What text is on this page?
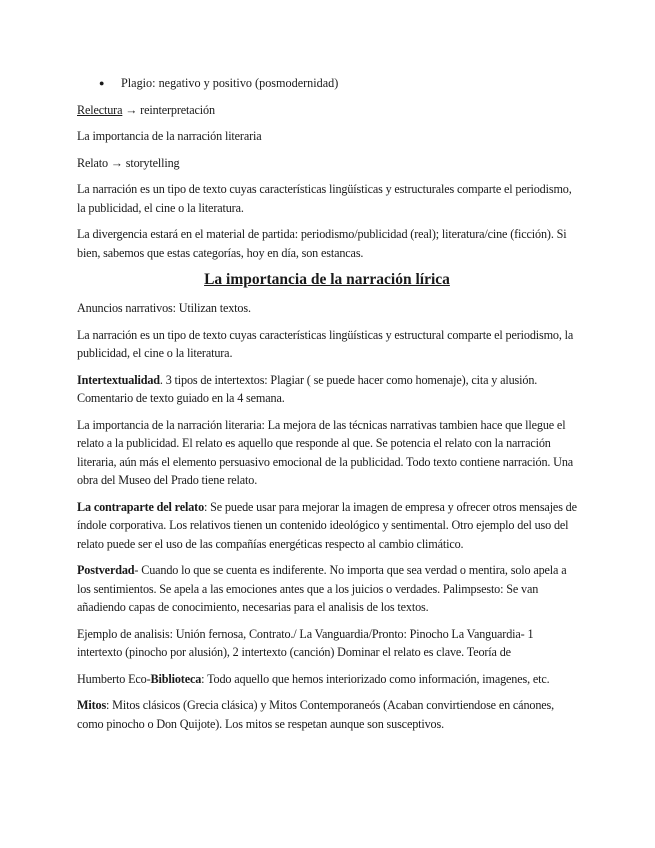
●	Plagio: negativo y positivo (posmodernidad)

Relectura → reinterpretación

La importancia de la narración literaria

Relato → storytelling

La narración es un tipo de texto cuyas características lingüísticas y estructurales comparte el periodismo, la publicidad, el cine o la literatura.

La divergencia estará en el material de partida: periodismo/publicidad (real); literatura/cine (ficción). Si bien, sabemos que estas categorías, hoy en día, son estancas.

La importancia de la narración lírica

Anuncios narrativos: Utilizan textos.

La narración es un tipo de texto cuyas características lingüísticas y estructural comparte el periodismo, la publicidad, el cine o la literatura.

Intertextualidad. 3 tipos de intertextos: Plagiar ( se puede hacer como homenaje), cita y alusión. Comentario de texto guiado en la 4 semana.

La importancia de la narración literaria: La mejora de las técnicas narrativas tambien hace que llegue el relato a la publicidad. El relato es aquello que responde al que. Se potencia el relato con la narración literaria, aún más el elemento persuasivo emocional de la publicidad. Todo texto contiene narración. Una obra del Museo del Prado tiene relato.

La contraparte del relato: Se puede usar para mejorar la imagen de empresa y ofrecer otros mensajes de índole corporativa. Los relativos tienen un contenido ideológico y sentimental. Otro ejemplo del uso del relato puede ser el uso de las compañías energéticas respecto al cambio climático.

Postverdad- Cuando lo que se cuenta es indiferente. No importa que sea verdad o mentira, solo apela a los sentimientos. Se apela a las emociones antes que a los juicios o verdades. Palimpsesto: Se van añadiendo capas de conocimiento, necesarias para el analisis de los textos.

Ejemplo de analisis: Unión fernosa, Contrato./ La Vanguardia/Pronto: Pinocho La Vanguardia- 1 intertexto (pinocho por alusión), 2 intertexto (canción) Dominar el relato es clave. Teoría de

Humberto Eco-Biblioteca: Todo aquello que hemos interiorizado como información, imagenes, etc.

Mitos: Mitos clásicos (Grecia clásica) y Mitos Contemporaneós (Acaban convirtiendose en cánones, como pinocho o Don Quijote). Los mitos se respetan aunque son susceptivos.
